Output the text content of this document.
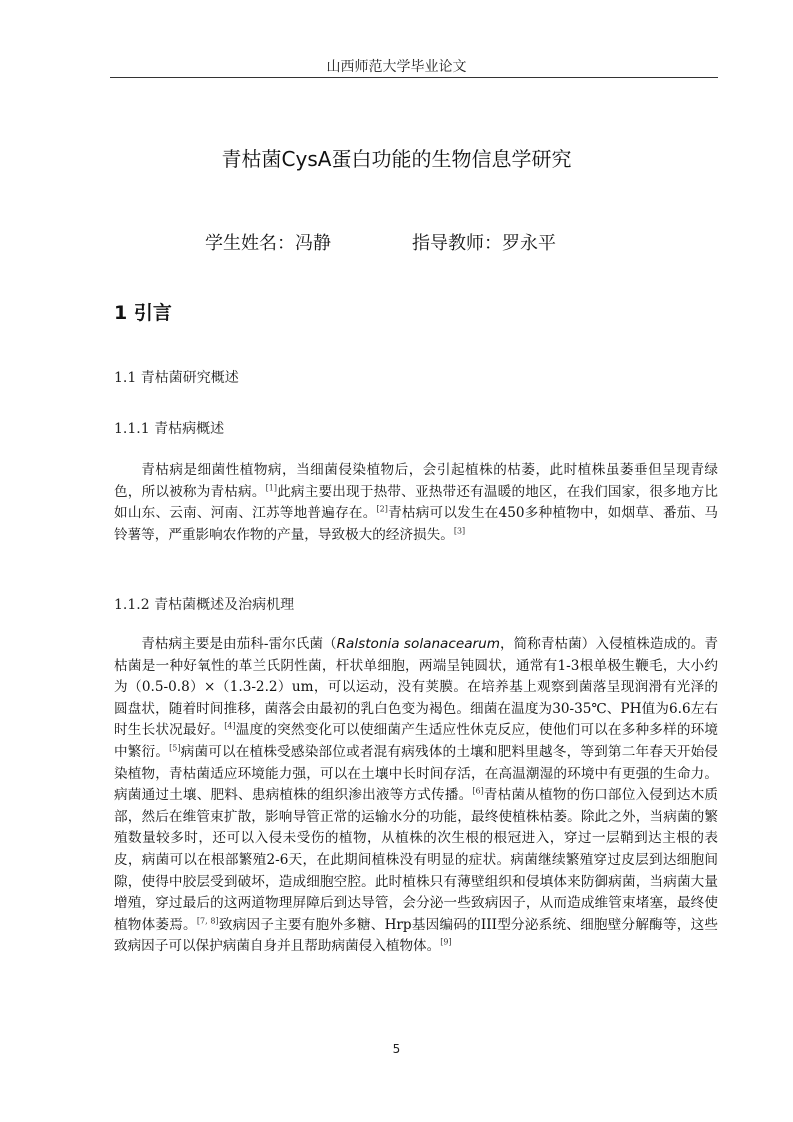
山西师范大学毕业论文
青枯菌CysA蛋白功能的生物信息学研究
学生姓名：冯静	指导教师：罗永平
1 引言
1.1 青枯菌研究概述
1.1.1 青枯病概述
青枯病是细菌性植物病，当细菌侵染植物后，会引起植株的枯萎，此时植株虽萎垂但呈现青绿色，所以被称为青枯病。[1]此病主要出现于热带、亚热带还有温暖的地区，在我们国家，很多地方比如山东、云南、河南、江苏等地普遍存在。[2]青枯病可以发生在450多种植物中，如烟草、番茄、马铃薯等，严重影响农作物的产量，导致极大的经济损失。[3]
1.1.2 青枯菌概述及治病机理
青枯病主要是由茄科-雷尔氏菌（Ralstonia solanacearum，简称青枯菌）入侵植株造成的。青枯菌是一种好氧性的革兰氏阴性菌，杆状单细胞，两端呈钝圆状，通常有1-3根单极生鞭毛，大小约为（0.5-0.8）×（1.3-2.2）um，可以运动，没有荚膜。在培养基上观察到菌落呈现润滑有光泽的圆盘状，随着时间推移，菌落会由最初的乳白色变为褐色。细菌在温度为30-35℃、PH值为6.6左右时生长状况最好。[4]温度的突然变化可以使细菌产生适应性休克反应，使他们可以在多种多样的环境中繁衍。[5]病菌可以在植株受感染部位或者混有病残体的土壤和肥料里越冬，等到第二年春天开始侵染植物，青枯菌适应环境能力强，可以在土壤中长时间存活，在高温潮湿的环境中有更强的生命力。病菌通过土壤、肥料、患病植株的组织渗出液等方式传播。[6]青枯菌从植物的伤口部位入侵到达木质部，然后在维管束扩散，影响导管正常的运输水分的功能，最终使植株枯萎。除此之外，当病菌的繁殖数量较多时，还可以入侵未受伤的植物，从植株的次生根的根冠进入，穿过一层鞘到达主根的表皮，病菌可以在根部繁殖2-6天，在此期间植株没有明显的症状。病菌继续繁殖穿过皮层到达细胞间隙，使得中胶层受到破坏，造成细胞空腔。此时植株只有薄壁组织和侵填体来防御病菌，当病菌大量增殖，穿过最后的这两道物理屏障后到达导管，会分泌一些致病因子，从而造成维管束堵塞，最终使植物体萎焉。[7, 8]致病因子主要有胞外多糖、Hrp基因编码的III型分泌系统、细胞壁分解酶等，这些致病因子可以保护病菌自身并且帮助病菌侵入植物体。[9]
5
